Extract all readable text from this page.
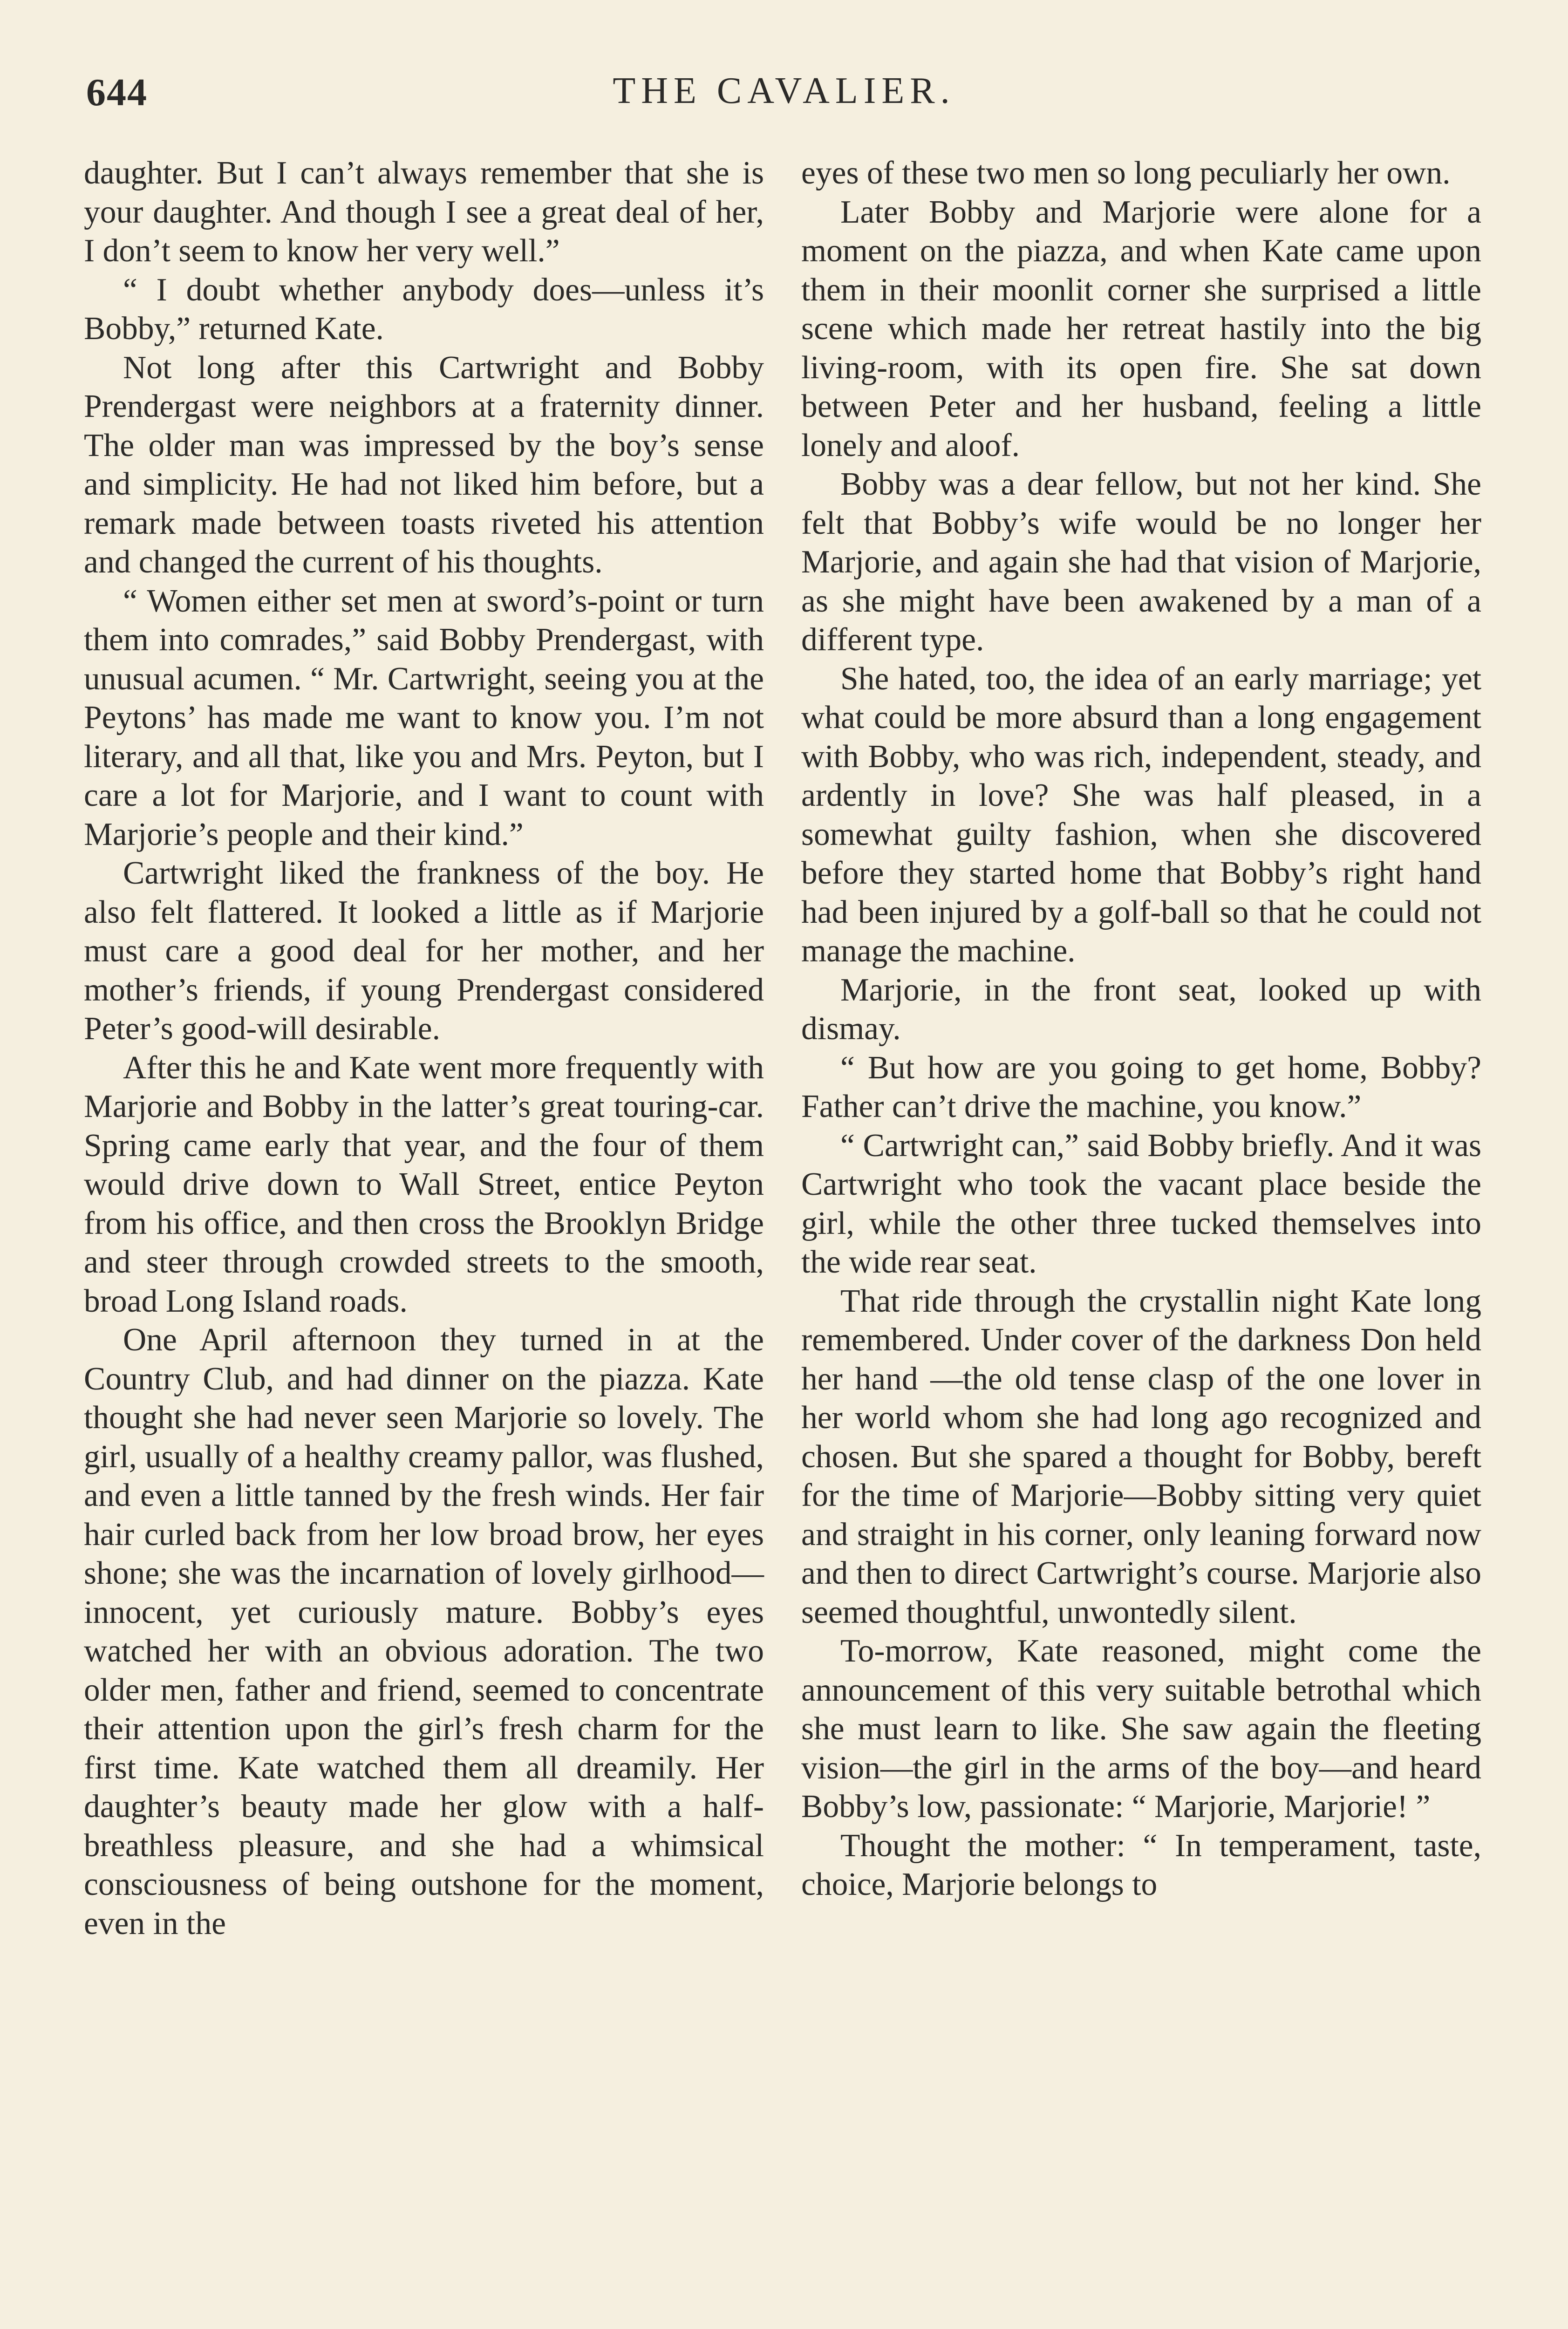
644	THE CAVALIER.

daughter. But I can’t always remember that she is your daughter. And though I see a great deal of her, I don’t seem to know her very well.”

“ I doubt whether anybody does—unless it’s Bobby,” returned Kate.

Not long after this Cartwright and Bobby Prendergast were neighbors at a fraternity dinner. The older man was impressed by the boy’s sense and simplicity. He had not liked him before, but a remark made between toasts riveted his attention and changed the current of his thoughts.

“ Women either set men at sword’s-point or turn them into comrades,” said Bobby Prendergast, with unusual acumen. “ Mr. Cartwright, seeing you at the Peytons’ has made me want to know you. I’m not literary, and all that, like you and Mrs. Peyton, but I care a lot for Marjorie, and I want to count with Marjorie’s people and their kind.”

Cartwright liked the frankness of the boy. He also felt flattered. It looked a little as if Marjorie must care a good deal for her mother, and her mother’s friends, if young Prendergast considered Peter’s good-will desirable.

After this he and Kate went more frequently with Marjorie and Bobby in the latter’s great touring-car. Spring came early that year, and the four of them would drive down to Wall Street, entice Peyton from his office, and then cross the Brooklyn Bridge and steer through crowded streets to the smooth, broad Long Island roads.

One April afternoon they turned in at the Country Club, and had dinner on the piazza. Kate thought she had never seen Marjorie so lovely. The girl, usually of a healthy creamy pallor, was flushed, and even a little tanned by the fresh winds. Her fair hair curled back from her low broad brow, her eyes shone; she was the incarnation of lovely girlhood—innocent, yet curiously mature. Bobby’s eyes watched her with an obvious adoration. The two older men, father and friend, seemed to concentrate their attention upon the girl’s fresh charm for the first time. Kate watched them all dreamily. Her daughter’s beauty made her glow with a half-breathless pleasure, and she had a whimsical consciousness of being outshone for the moment, even in the

eyes of these two men so long peculiarly her own.

Later Bobby and Marjorie were alone for a moment on the piazza, and when Kate came upon them in their moonlit corner she surprised a little scene which made her retreat hastily into the big living-room, with its open fire. She sat down between Peter and her husband, feeling a little lonely and aloof.

Bobby was a dear fellow, but not her kind. She felt that Bobby’s wife would be no longer her Marjorie, and again she had that vision of Marjorie, as she might have been awakened by a man of a different type.

She hated, too, the idea of an early marriage; yet what could be more absurd than a long engagement with Bobby, who was rich, independent, steady, and ardently in love? She was half pleased, in a somewhat guilty fashion, when she discovered before they started home that Bobby’s right hand had been injured by a golf-ball so that he could not manage the machine.

Marjorie, in the front seat, looked up with dismay.

“ But how are you going to get home, Bobby? Father can’t drive the machine, you know.”

“ Cartwright can,” said Bobby briefly. And it was Cartwright who took the vacant place beside the girl, while the other three tucked themselves into the wide rear seat.

That ride through the crystallin night Kate long remembered. Under cover of the darkness Don held her hand —the old tense clasp of the one lover in her world whom she had long ago recognized and chosen. But she spared a thought for Bobby, bereft for the time of Marjorie—Bobby sitting very quiet and straight in his corner, only leaning forward now and then to direct Cartwright’s course. Marjorie also seemed thoughtful, unwontedly silent.

To-morrow, Kate reasoned, might come the announcement of this very suitable betrothal which she must learn to like. She saw again the fleeting vision—the girl in the arms of the boy—and heard Bobby’s low, passionate: “ Marjorie, Marjorie! ”

Thought the mother: “ In temperament, taste, choice, Marjorie belongs to
